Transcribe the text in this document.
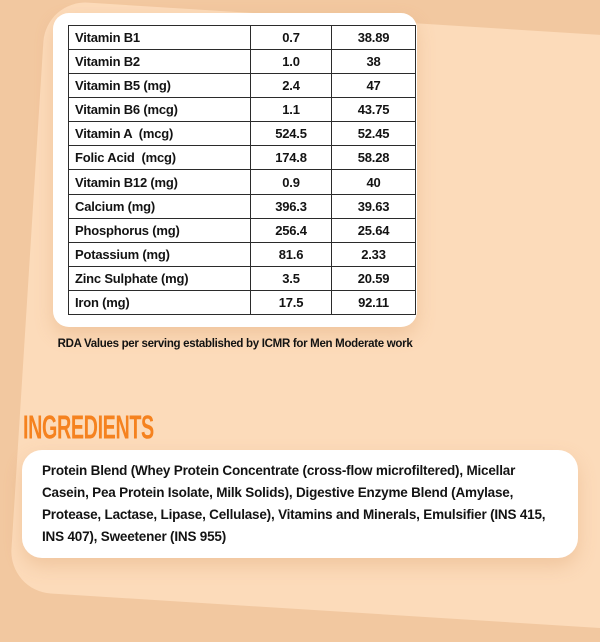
Vitamin B1	0.7	38.89
Vitamin B2	1.0	38
Vitamin B5 (mg)	2.4	47
Vitamin B6 (mcg)	1.1	43.75
Vitamin A  (mcg)	524.5	52.45
Folic Acid  (mcg)	174.8	58.28
Vitamin B12 (mg)	0.9	40
Calcium (mg)	396.3	39.63
Phosphorus (mg)	256.4	25.64
Potassium (mg)	81.6	2.33
Zinc Sulphate (mg)	3.5	20.59
Iron (mg)	17.5	92.11
RDA Values per serving established by ICMR for Men Moderate work
INGREDIENTS
Protein Blend (Whey Protein Concentrate (cross-flow microfiltered), Micellar
Casein, Pea Protein Isolate, Milk Solids), Digestive Enzyme Blend (Amylase,
Protease, Lactase, Lipase, Cellulase), Vitamins and Minerals, Emulsifier (INS 415,
INS 407), Sweetener (INS 955)
